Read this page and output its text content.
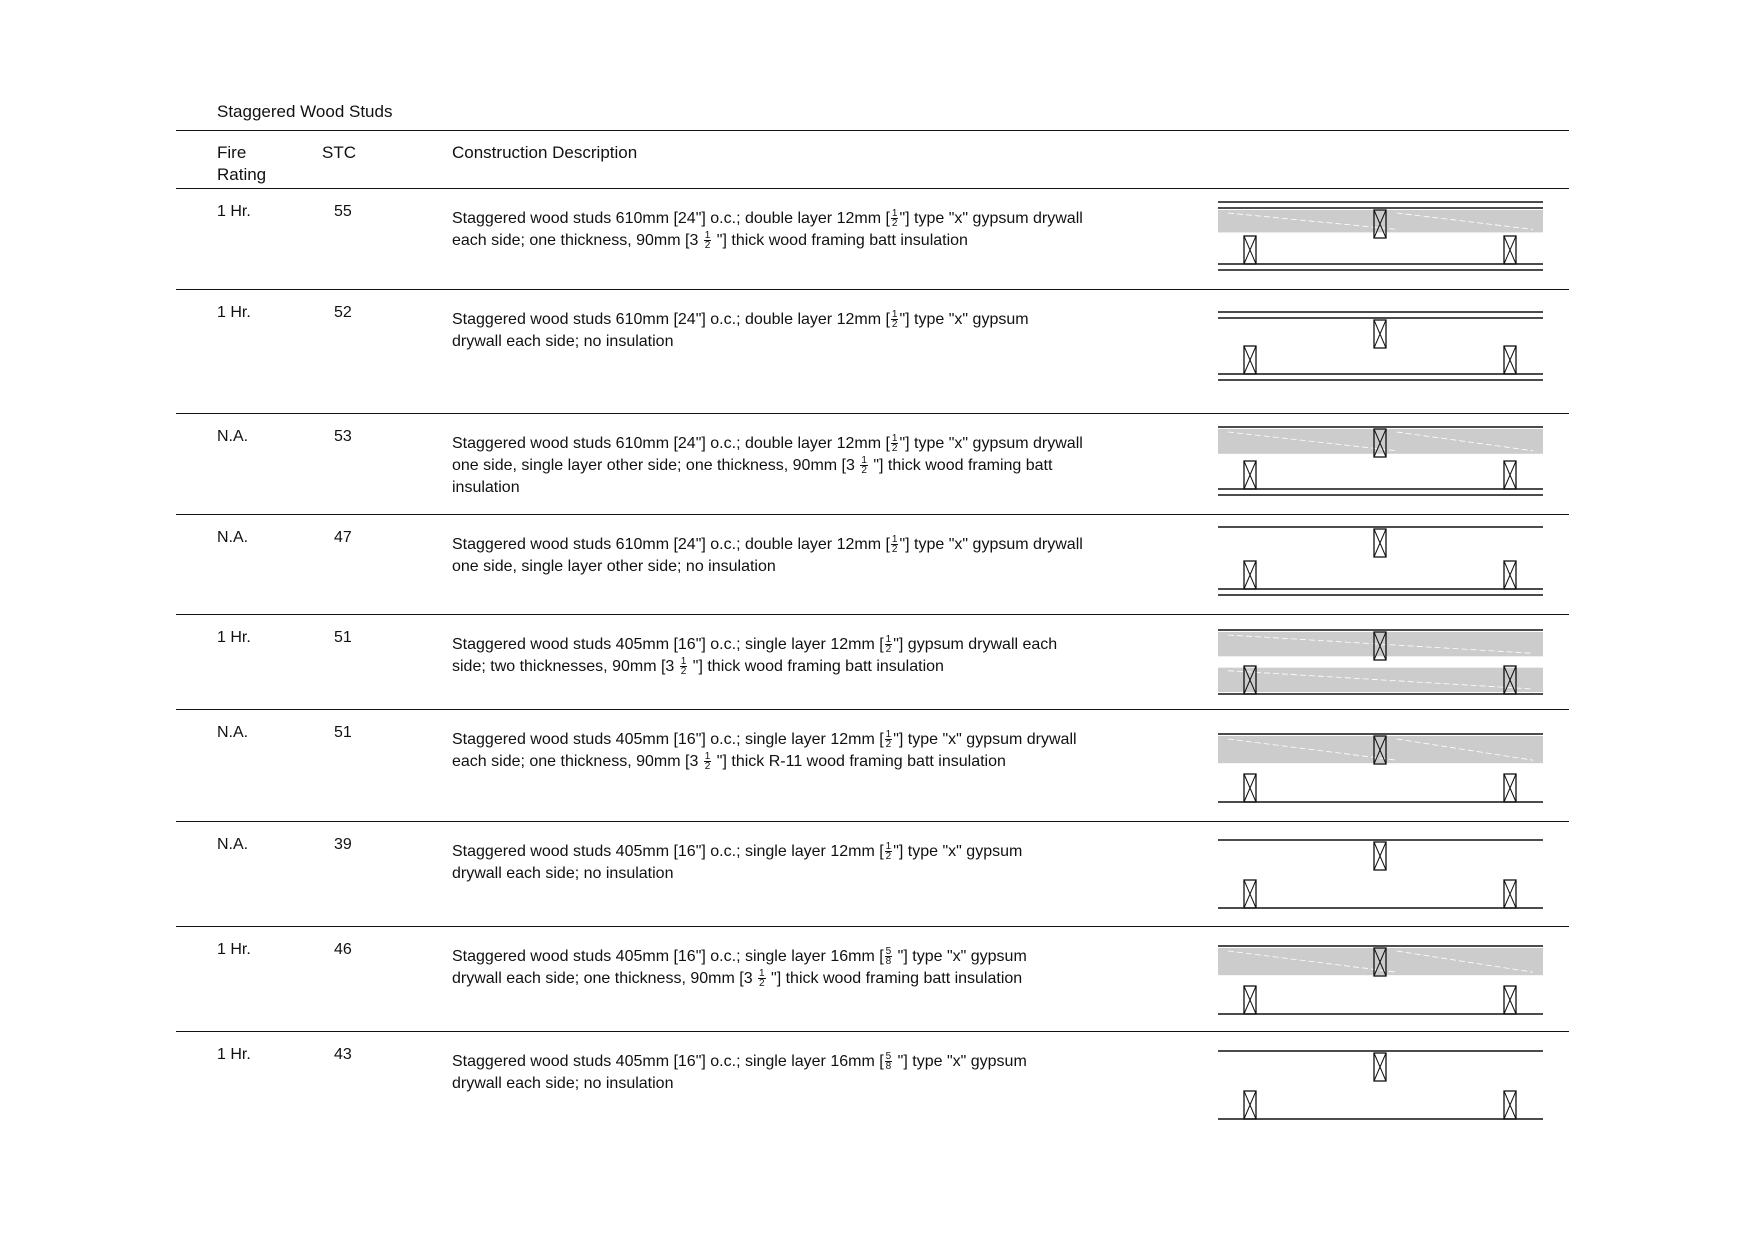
Staggered Wood Studs
Fire
Rating
STC	Construction Description
1 Hr.	55	Staggered wood studs 610mm [24"] o.c.; double layer 12mm [ $\frac{1}{2}$ "] type "x" gypsum drywall
each side; one thickness, 90mm [$3 \frac{1}{2}$ "] thick wood framing batt insulation
1 Hr.	52	Staggered wood studs 610mm [24"] o.c.; double layer 12mm [ $\frac{1}{2}$ "] type "x" gypsum
drywall each side; no insulation
N.A.	53	Staggered wood studs 610mm [24"] o.c.; double layer 12mm [ $\frac{1}{2}$ "] type "x" gypsum drywall
one side, single layer other side; one thickness, 90mm [$3 \frac{1}{2}$ "] thick wood framing batt
insulation
N.A.	47	Staggered wood studs 610mm [24"] o.c.; double layer 12mm [ $\frac{1}{2}$ "] type "x" gypsum drywall
one side, single layer other side; no insulation
1 Hr.	51	Staggered wood studs 405mm [16"] o.c.; single layer 12mm [ $\frac{1}{2}$ "] gypsum drywall each
side; two thicknesses, 90mm [$3 \frac{1}{2}$ "] thick wood framing batt insulation
N.A.	51	Staggered wood studs 405mm [16"] o.c.; single layer 12mm [ $\frac{1}{2}$ "] type "x" gypsum drywall
each side; one thickness, 90mm [$3 \frac{1}{2}$ "] thick R-11 wood framing batt insulation
N.A.	39	Staggered wood studs 405mm [16"] o.c.; single layer 12mm [ $\frac{1}{2}$ "] type "x" gypsum
drywall each side; no insulation
1 Hr.	46	Staggered wood studs 405mm [16"] o.c.; single layer 16mm [ $\frac{5}{8}$ "] type "x" gypsum
drywall each side; one thickness, 90mm [$3 \frac{1}{2}$ "] thick wood framing batt insulation
1 Hr.	43	Staggered wood studs 405mm [16"] o.c.; single layer 16mm [ $\frac{5}{8}$ "] type "x" gypsum
drywall each side; no insulation
